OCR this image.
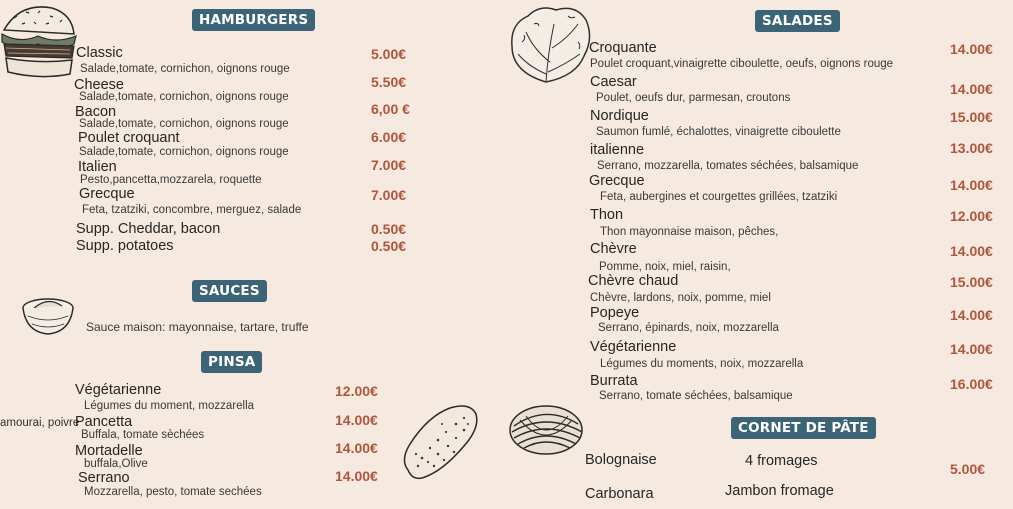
HAMBURGERS
Classic
Salade,tomate, cornichon, oignons rouge
5.00€
Cheese
Salade,tomate, cornichon, oignons rouge
5.50€
Bacon
Salade,tomate, cornichon, oignons rouge
6,00 €
Poulet croquant
Salade,tomate, cornichon, oignons rouge
6.00€
Italien
Pesto,pancetta,mozzarela, roquette
7.00€
Grecque
Feta, tzatziki, concombre, merguez, salade
7.00€
Supp. Cheddar, bacon	0.50€
Supp. potatoes	0.50€
SAUCES
Sauce maison: mayonnaise, tartare, truffe
PINSA
amourai, poivre
Végétarienne
Légumes du moment, mozzarella
12.00€
Pancetta
Buffala, tomate sèchées
14.00€
Mortadelle
buffala,Olive
14.00€
Serrano
Mozzarella, pesto, tomate sechées
14.00€
SALADES
Croquante
Poulet croquant,vinaigrette ciboulette, oeufs, oignons rouge
14.00€
Caesar
Poulet, oeufs dur, parmesan, croutons
14.00€
Nordique
Saumon fumlé, échalottes, vinaigrette ciboulette
15.00€
italienne
Serrano, mozzarella, tomates séchées, balsamique
13.00€
Grecque
Feta, aubergines et courgettes grillées, tzatziki
14.00€
Thon
Thon mayonnaise maison, pêches,
12.00€
Chèvre
Pomme, noix, miel, raisin,
14.00€
Chèvre chaud
Chèvre, lardons, noix, pomme, miel
15.00€
Popeye
Serrano, épinards, noix, mozzarella
14.00€
Végétarienne
Légumes du moments, noix, mozzarella
14.00€
Burrata
Serrano, tomate séchées, balsamique
16.00€
CORNET DE PÂTE
Bolognaise	4 fromages
Carbonara	Jambon fromage
5.00€
